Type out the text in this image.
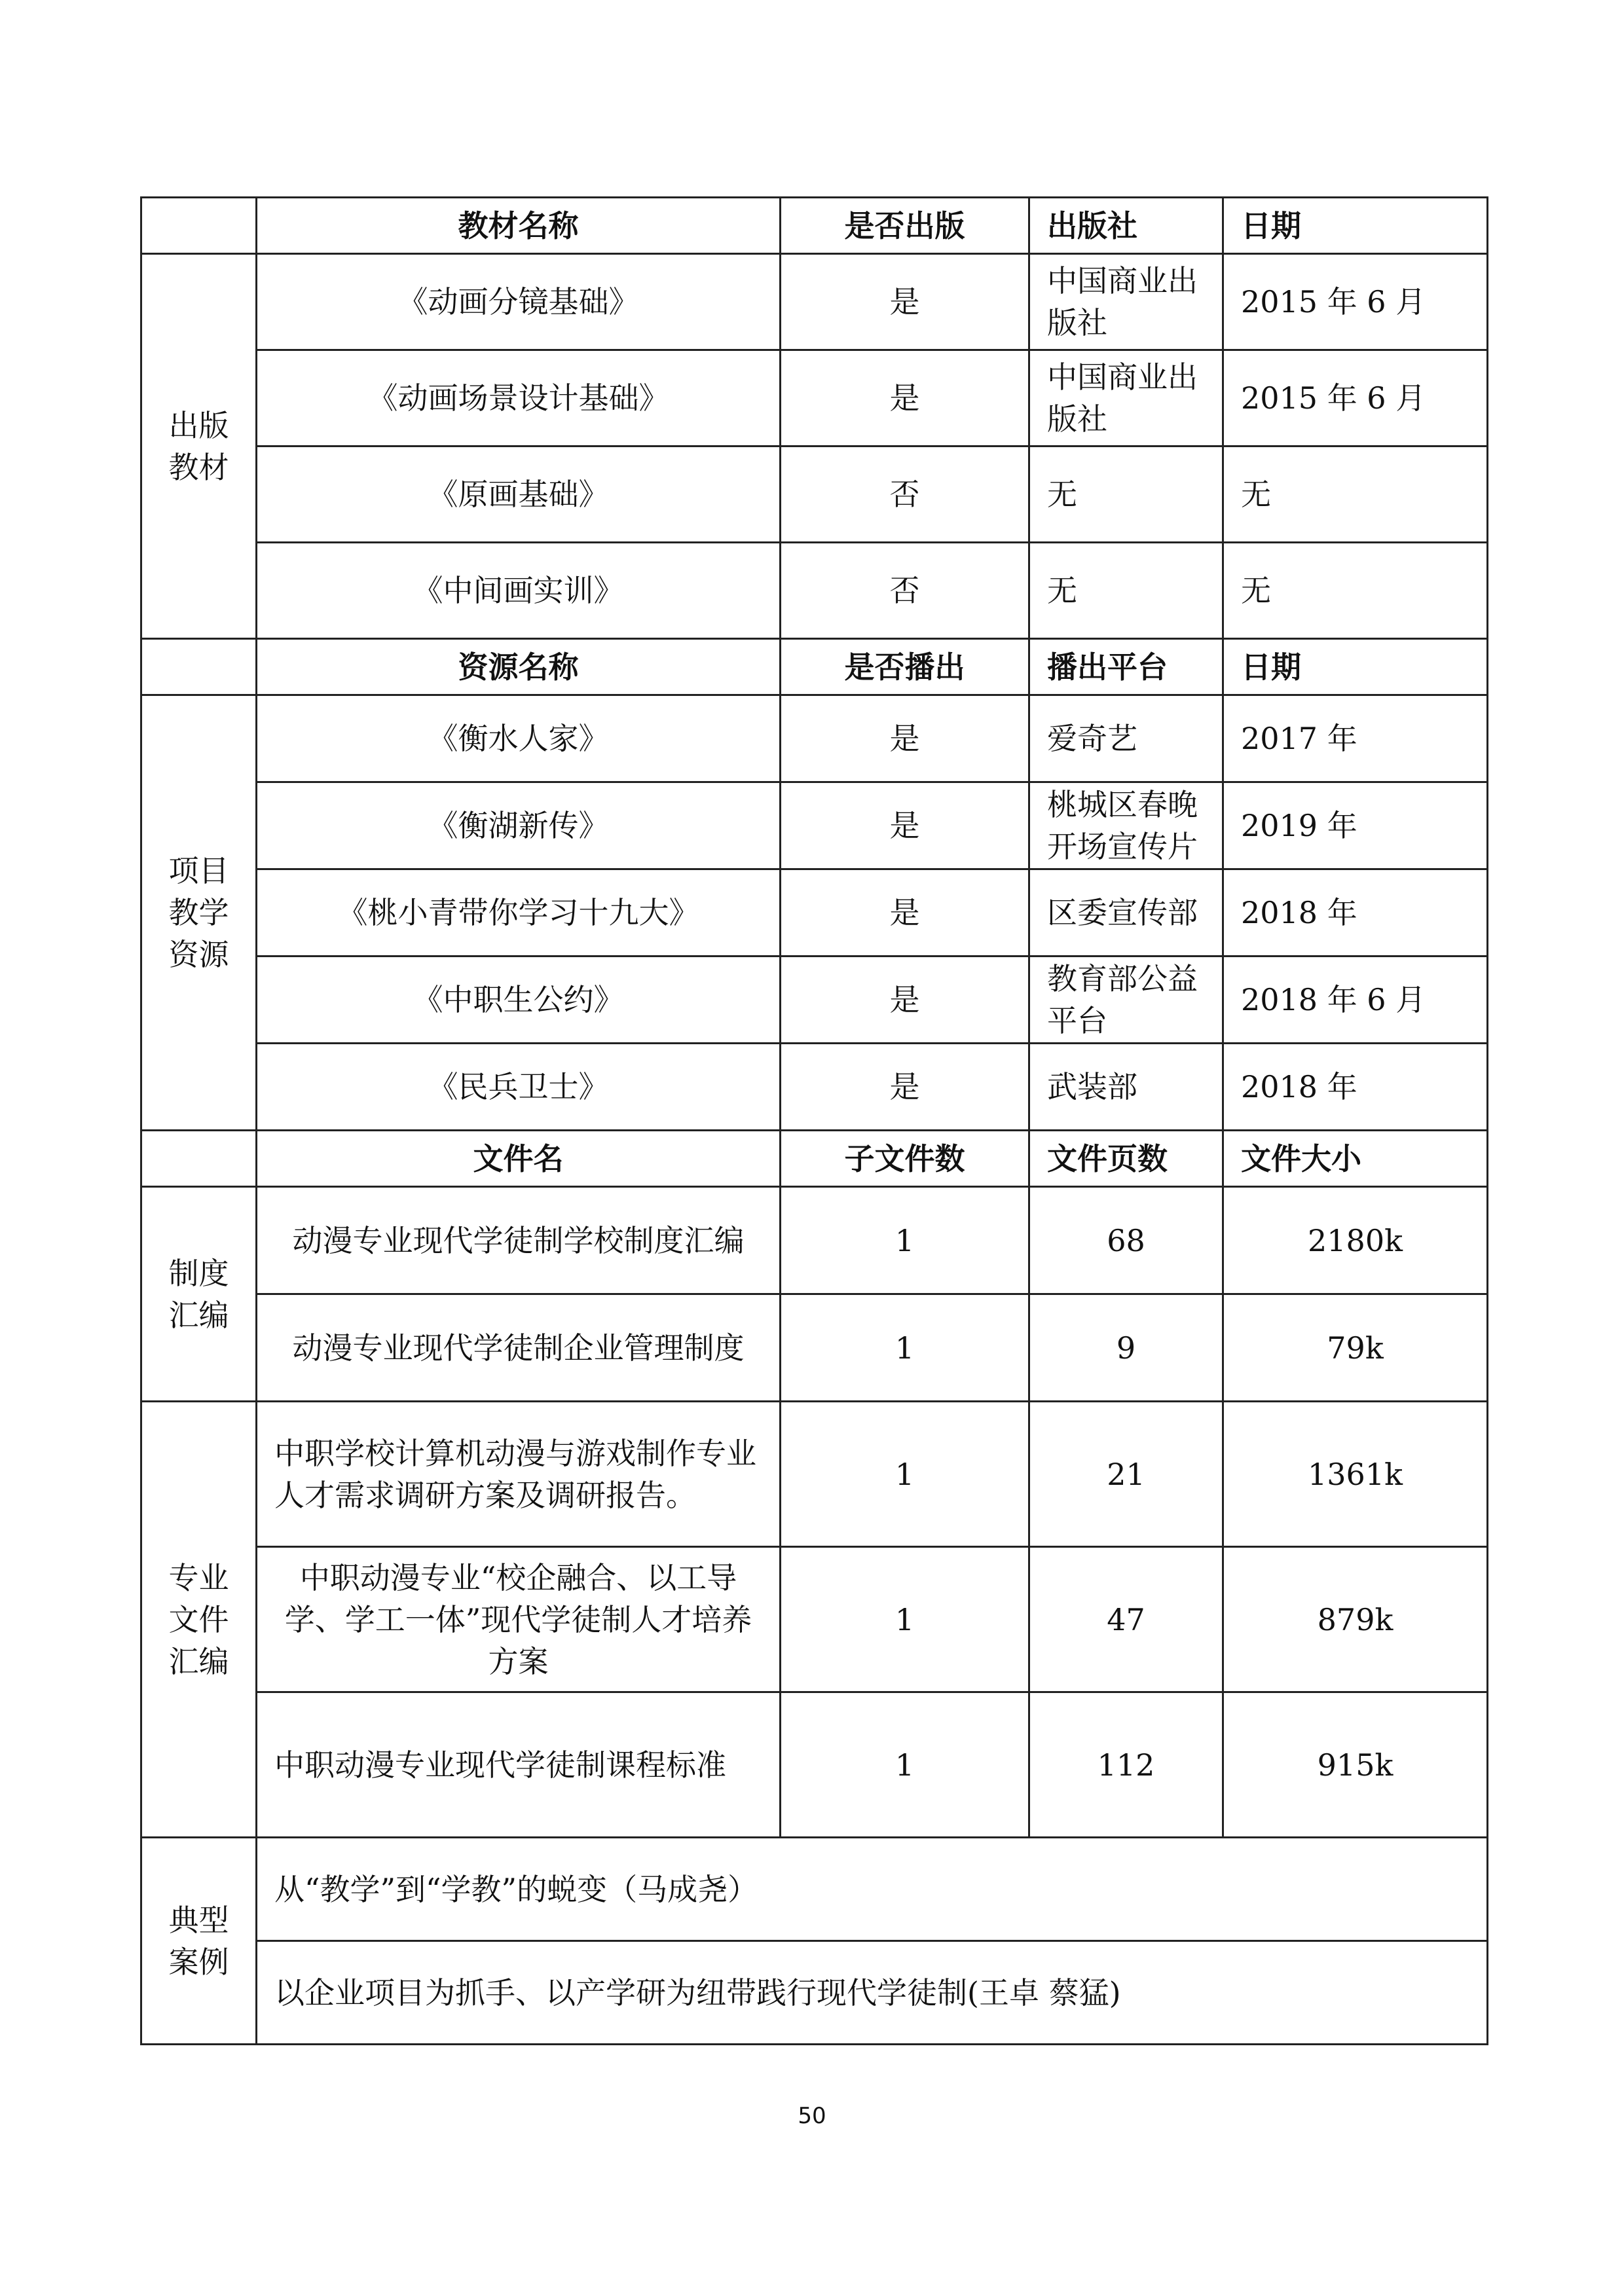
	教材名称	是否出版	出版社	日期
出版教材	《动画分镜基础》	是	中国商业出版社	2015 年 6 月
	《动画场景设计基础》	是	中国商业出版社	2015 年 6 月
	《原画基础》	否	无	无
	《中间画实训》	否	无	无
	资源名称	是否播出	播出平台	日期
项目教学资源	《衡水人家》	是	爱奇艺	2017 年
	《衡湖新传》	是	桃城区春晚开场宣传片	2019 年
	《桃小青带你学习十九大》	是	区委宣传部	2018 年
	《中职生公约》	是	教育部公益平台	2018 年 6 月
	《民兵卫士》	是	武装部	2018 年
	文件名	子文件数	文件页数	文件大小
制度汇编	动漫专业现代学徒制学校制度汇编	1	68	2180k
	动漫专业现代学徒制企业管理制度	1	9	79k
专业文件汇编	中职学校计算机动漫与游戏制作专业人才需求调研方案及调研报告。	1	21	1361k
	中职动漫专业“校企融合、以工导学、学工一体”现代学徒制人才培养方案	1	47	879k
	中职动漫专业现代学徒制课程标准	1	112	915k
典型案例	从“教学”到“学教”的蜕变（马成尧）			
	以企业项目为抓手、以产学研为纽带践行现代学徒制(王卓 蔡猛)			
50
